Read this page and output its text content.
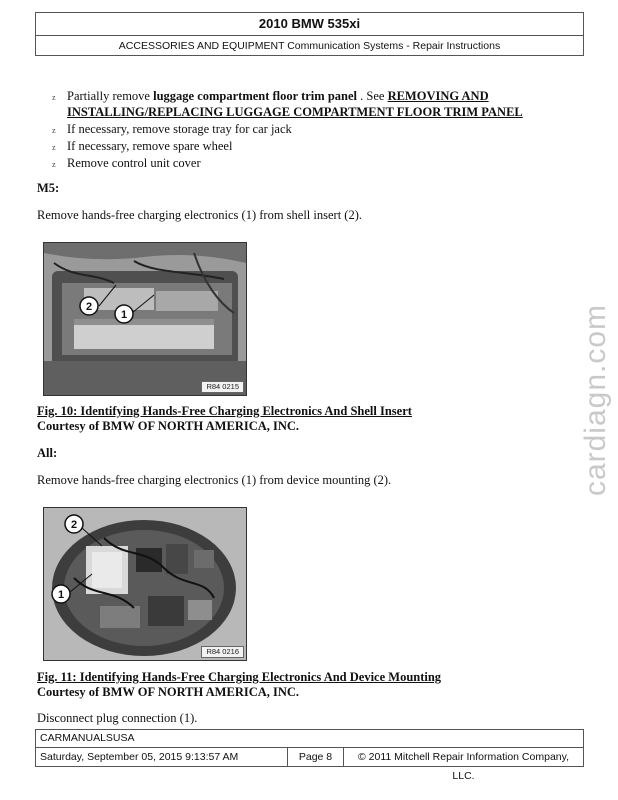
2010 BMW 535xi
ACCESSORIES AND EQUIPMENT Communication Systems - Repair Instructions
z Partially remove luggage compartment floor trim panel . See REMOVING AND INSTALLING/REPLACING LUGGAGE COMPARTMENT FLOOR TRIM PANEL
z If necessary, remove storage tray for car jack
z If necessary, remove spare wheel
z Remove control unit cover
M5:
Remove hands-free charging electronics (1) from shell insert (2).
2
1
R84 0215
Fig. 10: Identifying Hands-Free Charging Electronics And Shell Insert
Courtesy of BMW OF NORTH AMERICA, INC.
All:
Remove hands-free charging electronics (1) from device mounting (2).
2
1
R84 0216
Fig. 11: Identifying Hands-Free Charging Electronics And Device Mounting
Courtesy of BMW OF NORTH AMERICA, INC.
Disconnect plug connection (1).
cardiagn.com
CARMANUALSUSA
Saturday, September 05, 2015 9:13:57 AM	Page 8	© 2011 Mitchell Repair Information Company, LLC.
